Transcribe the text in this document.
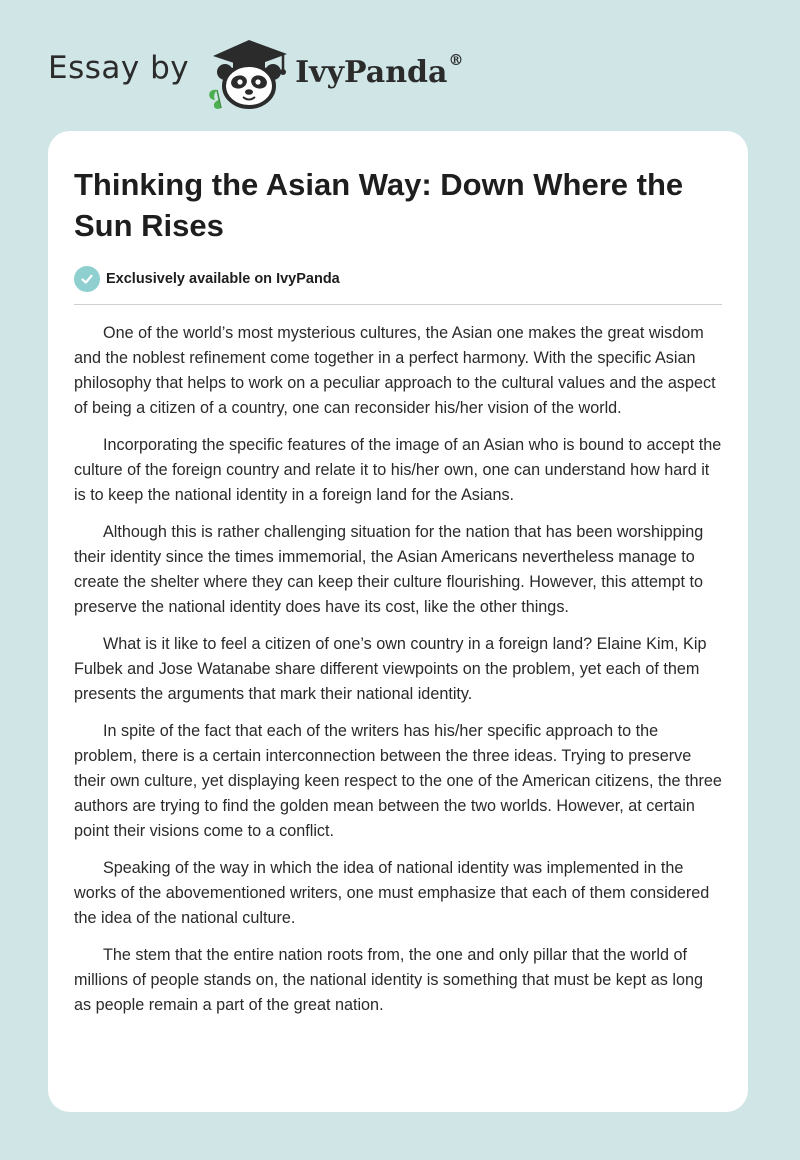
Essay by	IvyPanda®
Thinking the Asian Way: Down Where the Sun Rises
Exclusively available on IvyPanda

One of the world’s most mysterious cultures, the Asian one makes the great wisdom and the noblest refinement come together in a perfect harmony. With the specific Asian philosophy that helps to work on a peculiar approach to the cultural values and the aspect of being a citizen of a country, one can reconsider his/her vision of the world.

Incorporating the specific features of the image of an Asian who is bound to accept the culture of the foreign country and relate it to his/her own, one can understand how hard it is to keep the national identity in a foreign land for the Asians.

Although this is rather challenging situation for the nation that has been worshipping their identity since the times immemorial, the Asian Americans nevertheless manage to create the shelter where they can keep their culture flourishing. However, this attempt to preserve the national identity does have its cost, like the other things.

What is it like to feel a citizen of one’s own country in a foreign land? Elaine Kim, Kip Fulbek and Jose Watanabe share different viewpoints on the problem, yet each of them presents the arguments that mark their national identity.

In spite of the fact that each of the writers has his/her specific approach to the problem, there is a certain interconnection between the three ideas. Trying to preserve their own culture, yet displaying keen respect to the one of the American citizens, the three authors are trying to find the golden mean between the two worlds. However, at certain point their visions come to a conflict.

Speaking of the way in which the idea of national identity was implemented in the works of the abovementioned writers, one must emphasize that each of them considered the idea of the national culture.

The stem that the entire nation roots from, the one and only pillar that the world of millions of people stands on, the national identity is something that must be kept as long as people remain a part of the great nation.
